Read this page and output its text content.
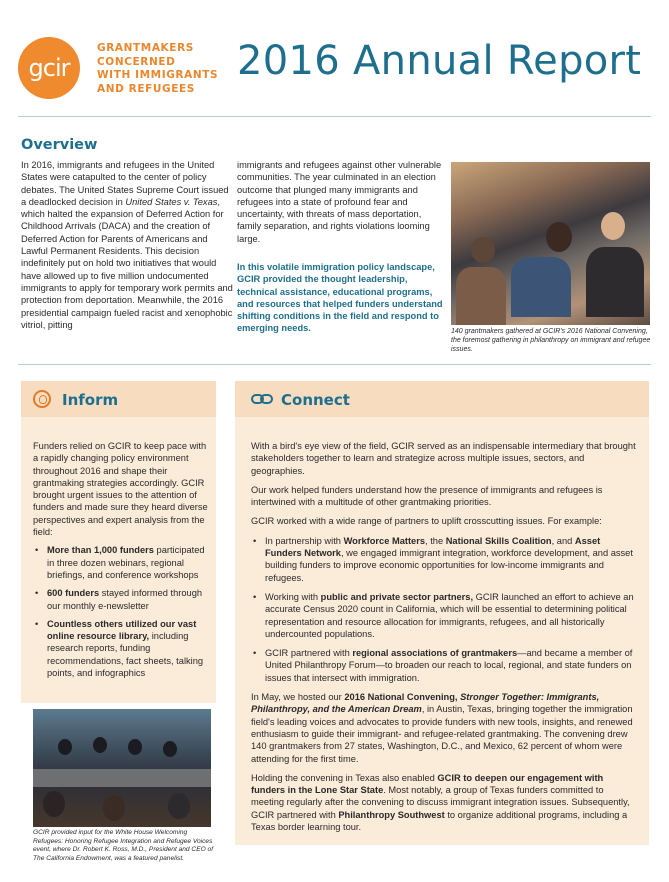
gcir
GRANTMAKERS
CONCERNED
WITH IMMIGRANTS
AND REFUGEES
2016 Annual Report
Overview
In 2016, immigrants and refugees in the United States were catapulted to the center of policy debates. The United States Supreme Court issued a deadlocked decision in United States v. Texas, which halted the expansion of Deferred Action for Childhood Arrivals (DACA) and the creation of Deferred Action for Parents of Americans and Lawful Permanent Residents. This decision indefinitely put on hold two initiatives that would have allowed up to five million undocumented immigrants to apply for temporary work permits and protection from deportation. Meanwhile, the 2016 presidential campaign fueled racist and xenophobic vitriol, pitting
immigrants and refugees against other vulnerable communities. The year culminated in an election outcome that plunged many immigrants and refugees into a state of profound fear and uncertainty, with threats of mass deportation, family separation, and rights violations looming large.
In this volatile immigration policy landscape, GCIR provided the thought leadership, technical assistance, educational programs, and resources that helped funders understand shifting conditions in the field and respond to emerging needs.	140 grantmakers gathered at GCIR's 2016 National Convening, the foremost gathering in philanthropy on immigrant and refugee issues.
Inform

Funders relied on GCIR to keep pace with a rapidly changing policy environment throughout 2016 and shape their grantmaking strategies accordingly. GCIR brought urgent issues to the attention of funders and made sure they heard diverse perspectives and expert analysis from the field:

• More than 1,000 funders participated in three dozen webinars, regional briefings, and conference workshops
• 600 funders stayed informed through our monthly e-newsletter
• Countless others utilized our vast online resource library, including research reports, funding recommendations, fact sheets, talking points, and infographics
GCIR provided input for the White House Welcoming Refugees: Honoring Refugee Integration and Refugee Voices event, where Dr. Robert K. Ross, M.D., President and CEO of The California Endowment, was a featured panelist.
Connect

With a bird's eye view of the field, GCIR served as an indispensable intermediary that brought stakeholders together to learn and strategize across multiple issues, sectors, and geographies.

Our work helped funders understand how the presence of immigrants and refugees is intertwined with a multitude of other grantmaking priorities.

GCIR worked with a wide range of partners to uplift crosscutting issues. For example:

• In partnership with Workforce Matters, the National Skills Coalition, and Asset Funders Network, we engaged immigrant integration, workforce development, and asset building funders to improve economic opportunities for low-income immigrants and refugees.
• Working with public and private sector partners, GCIR launched an effort to achieve an accurate Census 2020 count in California, which will be essential to determining political representation and resource allocation for immigrants, refugees, and all historically undercounted populations.
• GCIR partnered with regional associations of grantmakers—and became a member of United Philanthropy Forum—to broaden our reach to local, regional, and state funders on issues that intersect with immigration.

In May, we hosted our 2016 National Convening, Stronger Together: Immigrants, Philanthropy, and the American Dream, in Austin, Texas, bringing together the immigration field's leading voices and advocates to provide funders with new tools, insights, and renewed enthusiasm to guide their immigrant- and refugee-related grantmaking. The convening drew 140 grantmakers from 27 states, Washington, D.C., and Mexico, 62 percent of whom were attending for the first time.

Holding the convening in Texas also enabled GCIR to deepen our engagement with funders in the Lone Star State. Most notably, a group of Texas funders committed to meeting regularly after the convening to discuss immigrant integration issues. Subsequently, GCIR partnered with Philanthropy Southwest to organize additional programs, including a Texas border learning tour.
